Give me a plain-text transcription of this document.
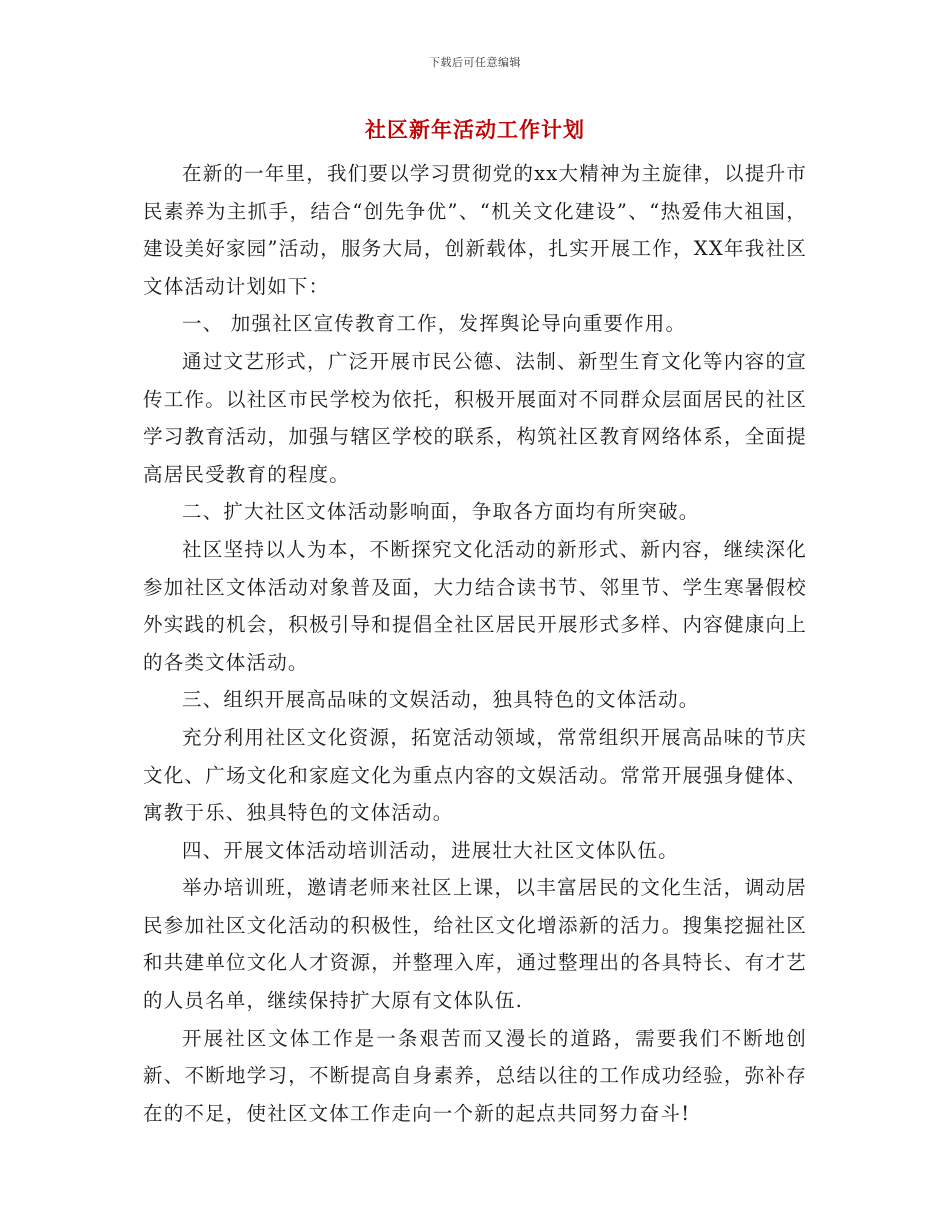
下载后可任意编辑
社区新年活动工作计划

在新的一年里，我们要以学习贯彻党的xx大精神为主旋律，以提升市民素养为主抓手，结合“创先争优”、“机关文化建设”、“热爱伟大祖国，建设美好家园”活动，服务大局，创新载体，扎实开展工作，XX年我社区文体活动计划如下：

一、 加强社区宣传教育工作，发挥舆论导向重要作用。

通过文艺形式，广泛开展市民公德、法制、新型生育文化等内容的宣传工作。以社区市民学校为依托，积极开展面对不同群众层面居民的社区学习教育活动，加强与辖区学校的联系，构筑社区教育网络体系，全面提高居民受教育的程度。

二、扩大社区文体活动影响面，争取各方面均有所突破。

社区坚持以人为本，不断探究文化活动的新形式、新内容，继续深化参加社区文体活动对象普及面，大力结合读书节、邻里节、学生寒暑假校外实践的机会，积极引导和提倡全社区居民开展形式多样、内容健康向上的各类文体活动。

三、组织开展高品味的文娱活动，独具特色的文体活动。

充分利用社区文化资源，拓宽活动领域，常常组织开展高品味的节庆文化、广场文化和家庭文化为重点内容的文娱活动。常常开展强身健体、寓教于乐、独具特色的文体活动。

四、开展文体活动培训活动，进展壮大社区文体队伍。

举办培训班，邀请老师来社区上课，以丰富居民的文化生活，调动居民参加社区文化活动的积极性，给社区文化增添新的活力。搜集挖掘社区和共建单位文化人才资源，并整理入库，通过整理出的各具特长、有才艺的人员名单，继续保持扩大原有文体队伍.

开展社区文体工作是一条艰苦而又漫长的道路，需要我们不断地创新、不断地学习，不断提高自身素养，总结以往的工作成功经验，弥补存在的不足，使社区文体工作走向一个新的起点共同努力奋斗!
